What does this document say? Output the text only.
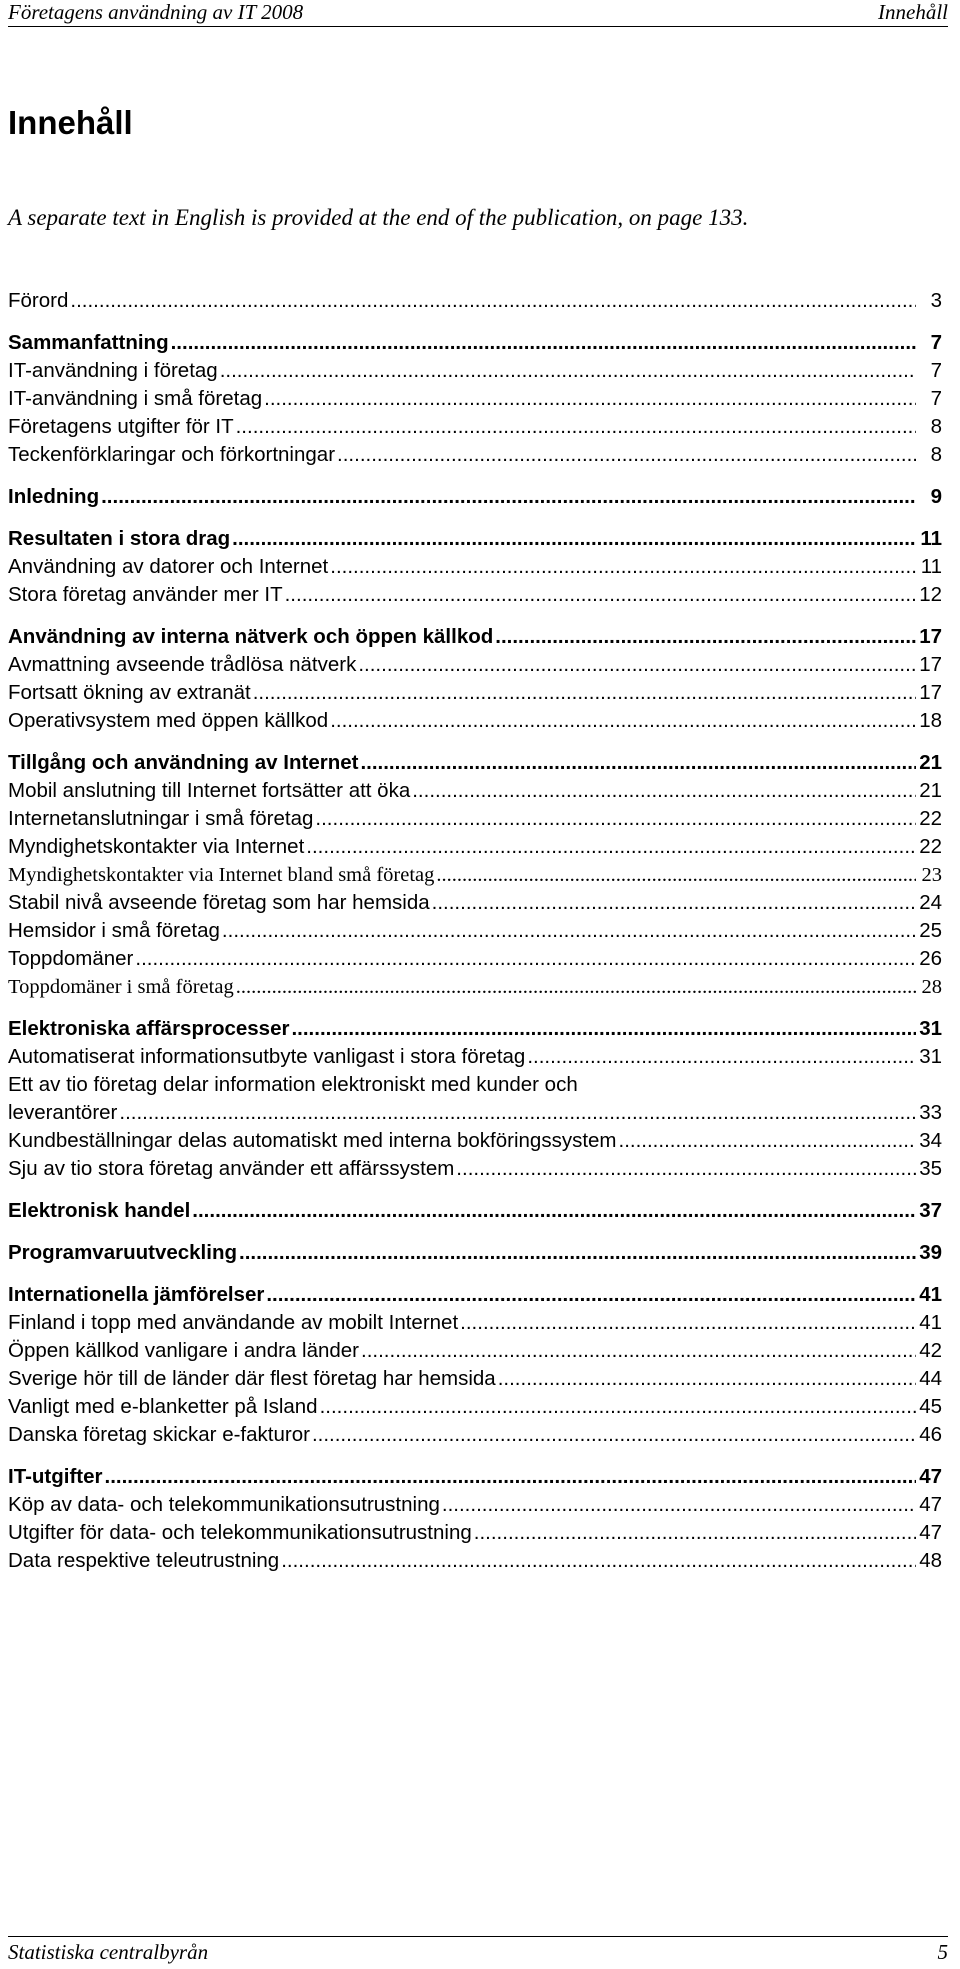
Företagens användning av IT 2008	Innehåll
Innehåll

A separate text in English is provided at the end of the publication, on page 133.

Förord .....	3
Sammanfattning .....	7
IT-användning i företag .....	7
IT-användning i små företag .....	7
Företagens utgifter för IT .....	8
Teckenförklaringar och förkortningar .....	8
Inledning .....	9
Resultaten i stora drag .....	11
Användning av datorer och Internet .....	11
Stora företag använder mer IT .....	12
Användning av interna nätverk och öppen källkod .....	17
Avmattning avseende trådlösa nätverk .....	17
Fortsatt ökning av extranät .....	17
Operativsystem med öppen källkod .....	18
Tillgång och användning av Internet .....	21
Mobil anslutning till Internet fortsätter att öka .....	21
Internetanslutningar i små företag .....	22
Myndighetskontakter via Internet .....	22
Myndighetskontakter via Internet bland små företag .....	23
Stabil nivå avseende företag som har hemsida .....	24
Hemsidor i små företag .....	25
Toppdomäner .....	26
Toppdomäner i små företag .....	28
Elektroniska affärsprocesser .....	31
Automatiserat informationsutbyte vanligast i stora företag .....	31
Ett av tio företag delar information elektroniskt med kunder och
leverantörer .....	33
Kundbeställningar delas automatiskt med interna bokföringssystem .....	34
Sju av tio stora företag använder ett affärssystem .....	35
Elektronisk handel .....	37
Programvaruutveckling .....	39
Internationella jämförelser .....	41
Finland i topp med användande av mobilt Internet .....	41
Öppen källkod vanligare i andra länder .....	42
Sverige hör till de länder där flest företag har hemsida .....	44
Vanligt med e-blanketter på Island .....	45
Danska företag skickar e-fakturor .....	46
IT-utgifter .....	47
Köp av data- och telekommunikationsutrustning .....	47
Utgifter för data- och telekommunikationsutrustning .....	47
Data respektive teleutrustning .....	48
Statistiska centralbyrån	5
